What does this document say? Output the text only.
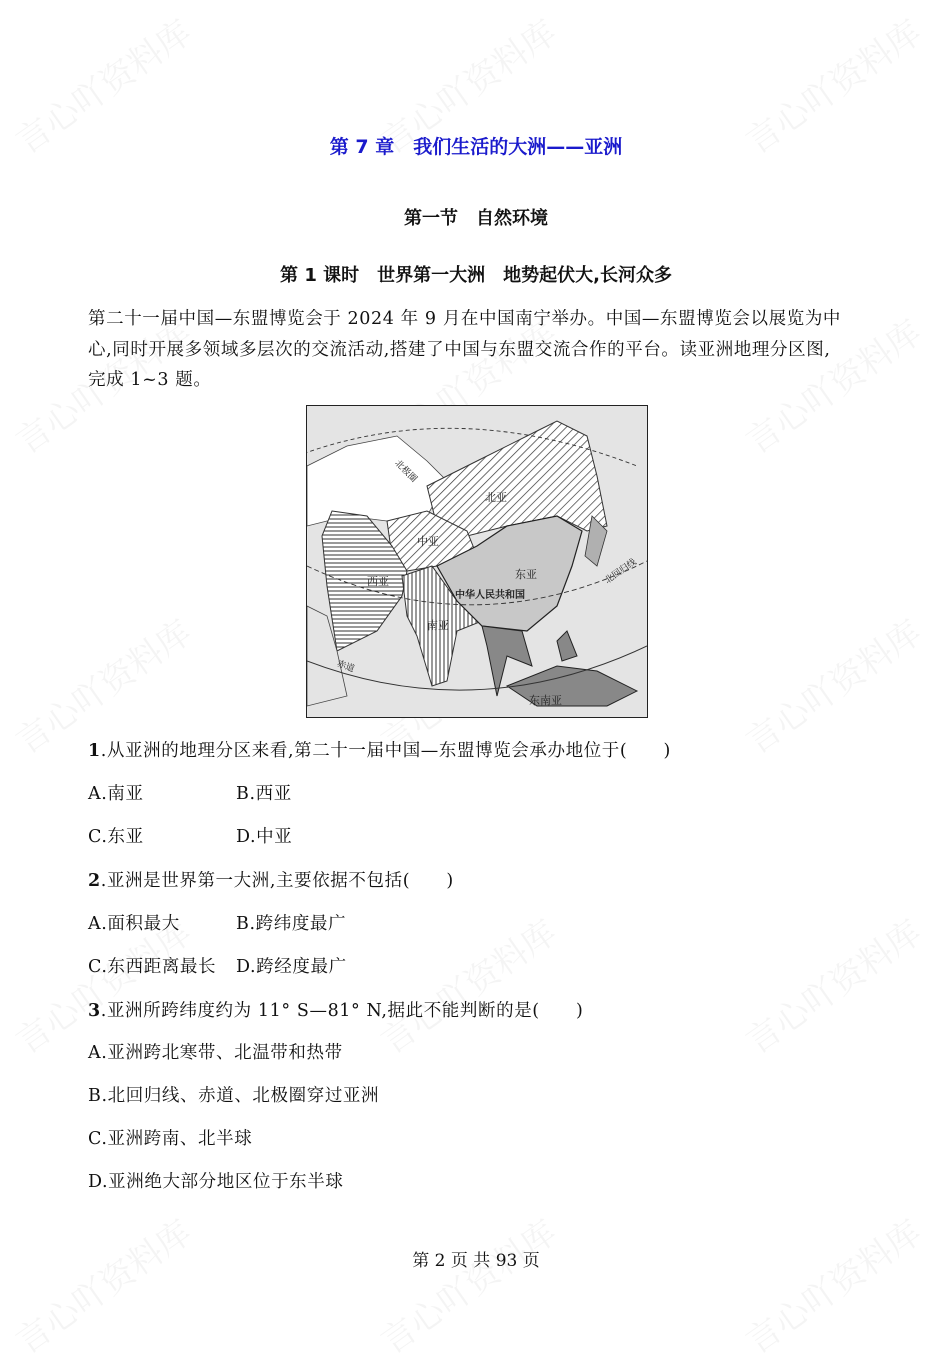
第 7 章　我们生活的大洲——亚洲
第一节　自然环境
第 1 课时　世界第一大洲　地势起伏大,长河众多
第二十一届中国—东盟博览会于 2024 年 9 月在中国南宁举办。中国—东盟博览会以展览为中
心,同时开展多领域多层次的交流活动,搭建了中国与东盟交流合作的平台。读亚洲地理分区图,
完成 1~3 题。
北亚
中亚
西亚
东亚
中华人民共和国
南亚
东南亚
北极圈
北回归线
赤道
1.从亚洲的地理分区来看,第二十一届中国—东盟博览会承办地位于(　　)
A.南亚	B.西亚
C.东亚	D.中亚
2.亚洲是世界第一大洲,主要依据不包括(　　)
A.面积最大	B.跨纬度最广
C.东西距离最长 D.跨经度最广
3.亚洲所跨纬度约为 11° S—81° N,据此不能判断的是(　　)
A.亚洲跨北寒带、北温带和热带
B.北回归线、赤道、北极圈穿过亚洲
C.亚洲跨南、北半球
D.亚洲绝大部分地区位于东半球
第 2 页 共 93 页
